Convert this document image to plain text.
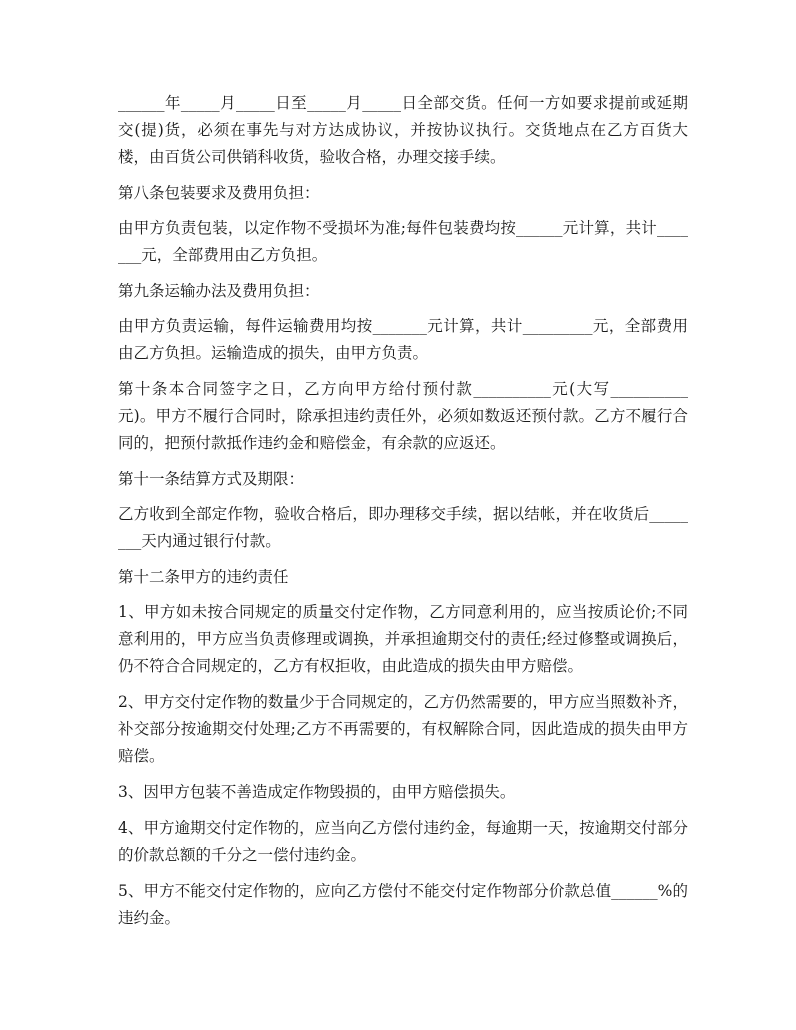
______年_____月_____日至_____月_____日全部交货。任何一方如要求提前或延期交(提)货，必须在事先与对方达成协议，并按协议执行。交货地点在乙方百货大楼，由百货公司供销科收货，验收合格，办理交接手续。

第八条包装要求及费用负担：

由甲方负责包装，以定作物不受损坏为准;每件包装费均按______元计算，共计_______元，全部费用由乙方负担。

第九条运输办法及费用负担：

由甲方负责运输，每件运输费用均按_______元计算，共计_________元，全部费用由乙方负担。运输造成的损失，由甲方负责。

第十条本合同签字之日，乙方向甲方给付预付款__________元(大写__________元)。甲方不履行合同时，除承担违约责任外，必须如数返还预付款。乙方不履行合同的，把预付款抵作违约金和赔偿金，有余款的应返还。

第十一条结算方式及期限：

乙方收到全部定作物，验收合格后，即办理移交手续，据以结帐，并在收货后________天内通过银行付款。

第十二条甲方的违约责任

1、甲方如未按合同规定的质量交付定作物，乙方同意利用的，应当按质论价;不同意利用的，甲方应当负责修理或调换，并承担逾期交付的责任;经过修整或调换后，仍不符合合同规定的，乙方有权拒收，由此造成的损失由甲方赔偿。

2、甲方交付定作物的数量少于合同规定的，乙方仍然需要的，甲方应当照数补齐，补交部分按逾期交付处理;乙方不再需要的，有权解除合同，因此造成的损失由甲方赔偿。

3、因甲方包装不善造成定作物毁损的，由甲方赔偿损失。

4、甲方逾期交付定作物的，应当向乙方偿付违约金，每逾期一天，按逾期交付部分的价款总额的千分之一偿付违约金。

5、甲方不能交付定作物的，应向乙方偿付不能交付定作物部分价款总值______%的违约金。
